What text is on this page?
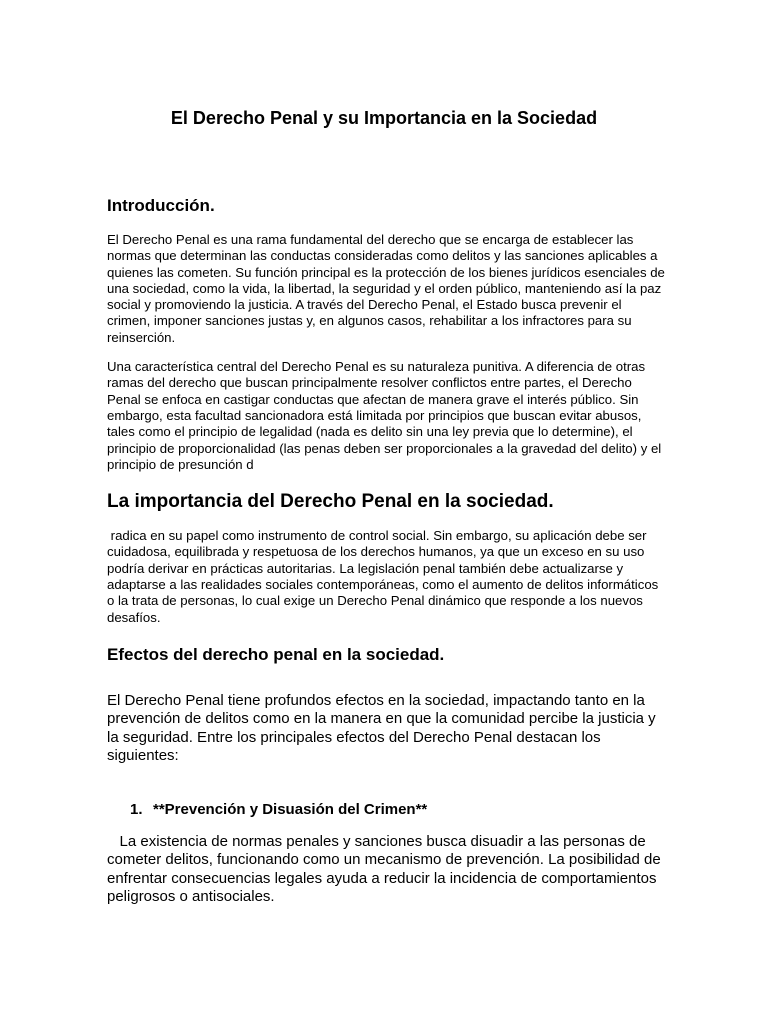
El Derecho Penal y su Importancia en la Sociedad
Introducción.

El Derecho Penal es una rama fundamental del derecho que se encarga de establecer las normas que determinan las conductas consideradas como delitos y las sanciones aplicables a quienes las cometen. Su función principal es la protección de los bienes jurídicos esenciales de una sociedad, como la vida, la libertad, la seguridad y el orden público, manteniendo así la paz social y promoviendo la justicia. A través del Derecho Penal, el Estado busca prevenir el crimen, imponer sanciones justas y, en algunos casos, rehabilitar a los infractores para su reinserción.

Una característica central del Derecho Penal es su naturaleza punitiva. A diferencia de otras ramas del derecho que buscan principalmente resolver conflictos entre partes, el Derecho Penal se enfoca en castigar conductas que afectan de manera grave el interés público. Sin embargo, esta facultad sancionadora está limitada por principios que buscan evitar abusos, tales como el principio de legalidad (nada es delito sin una ley previa que lo determine), el principio de proporcionalidad (las penas deben ser proporcionales a la gravedad del delito) y el principio de presunción d

La importancia del Derecho Penal en la sociedad.

radica en su papel como instrumento de control social. Sin embargo, su aplicación debe ser cuidadosa, equilibrada y respetuosa de los derechos humanos, ya que un exceso en su uso podría derivar en prácticas autoritarias. La legislación penal también debe actualizarse y adaptarse a las realidades sociales contemporáneas, como el aumento de delitos informáticos o la trata de personas, lo cual exige un Derecho Penal dinámico que responde a los nuevos desafíos.

Efectos del derecho penal en la sociedad.

El Derecho Penal tiene profundos efectos en la sociedad, impactando tanto en la prevención de delitos como en la manera en que la comunidad percibe la justicia y la seguridad. Entre los principales efectos del Derecho Penal destacan los siguientes:

1. **Prevención y Disuasión del Crimen**

La existencia de normas penales y sanciones busca disuadir a las personas de cometer delitos, funcionando como un mecanismo de prevención. La posibilidad de enfrentar consecuencias legales ayuda a reducir la incidencia de comportamientos peligrosos o antisociales.
